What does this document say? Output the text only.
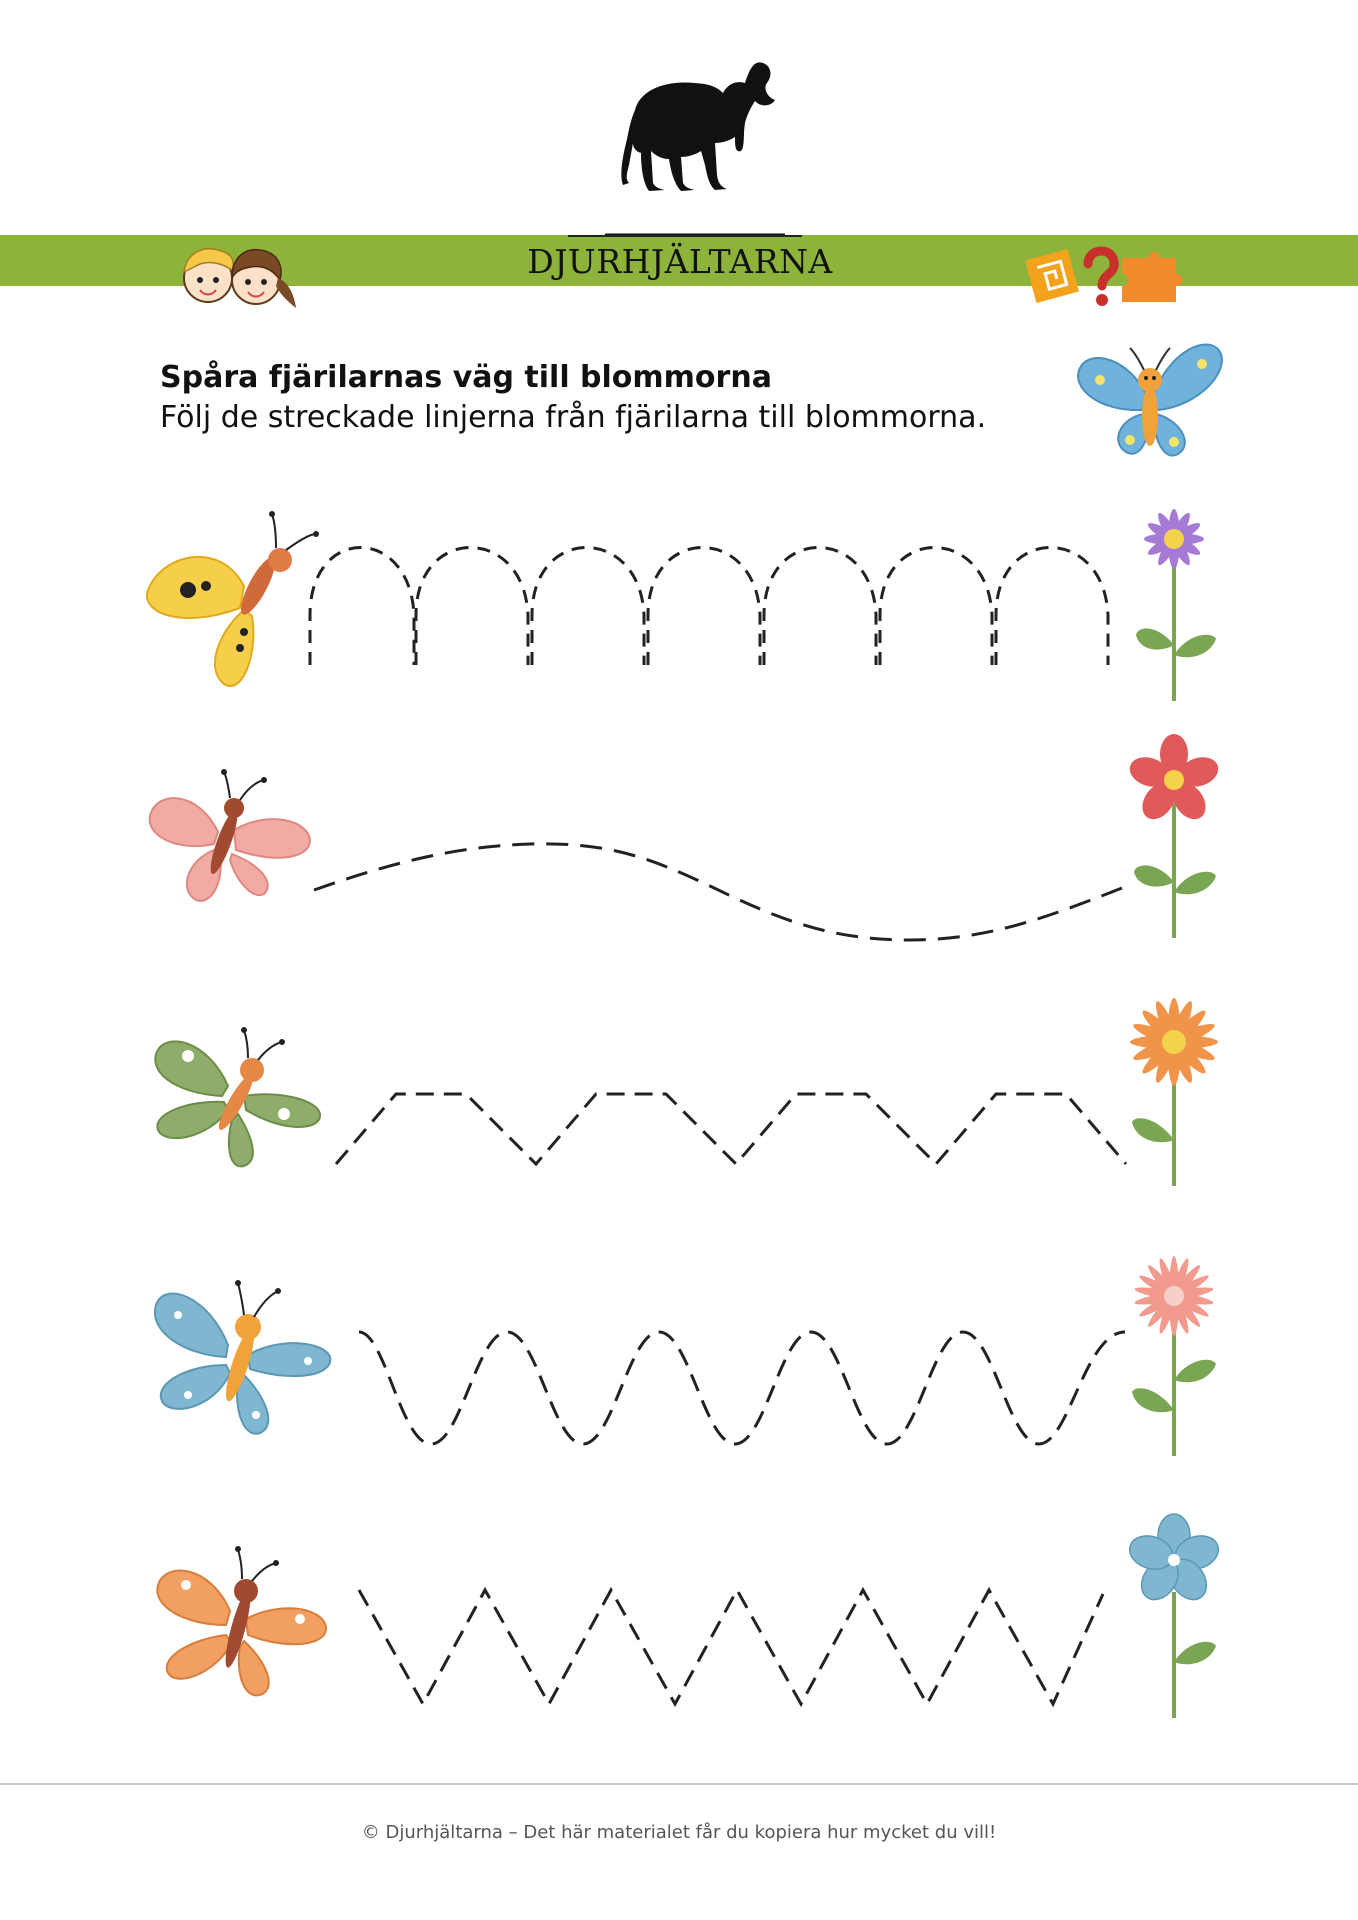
DJURHJÄLTARNA
Spåra fjärilarnas väg till blommorna
Följ de streckade linjerna från fjärilarna till blommorna.
© Djurhjältarna – Det här materialet får du kopiera hur mycket du vill!
